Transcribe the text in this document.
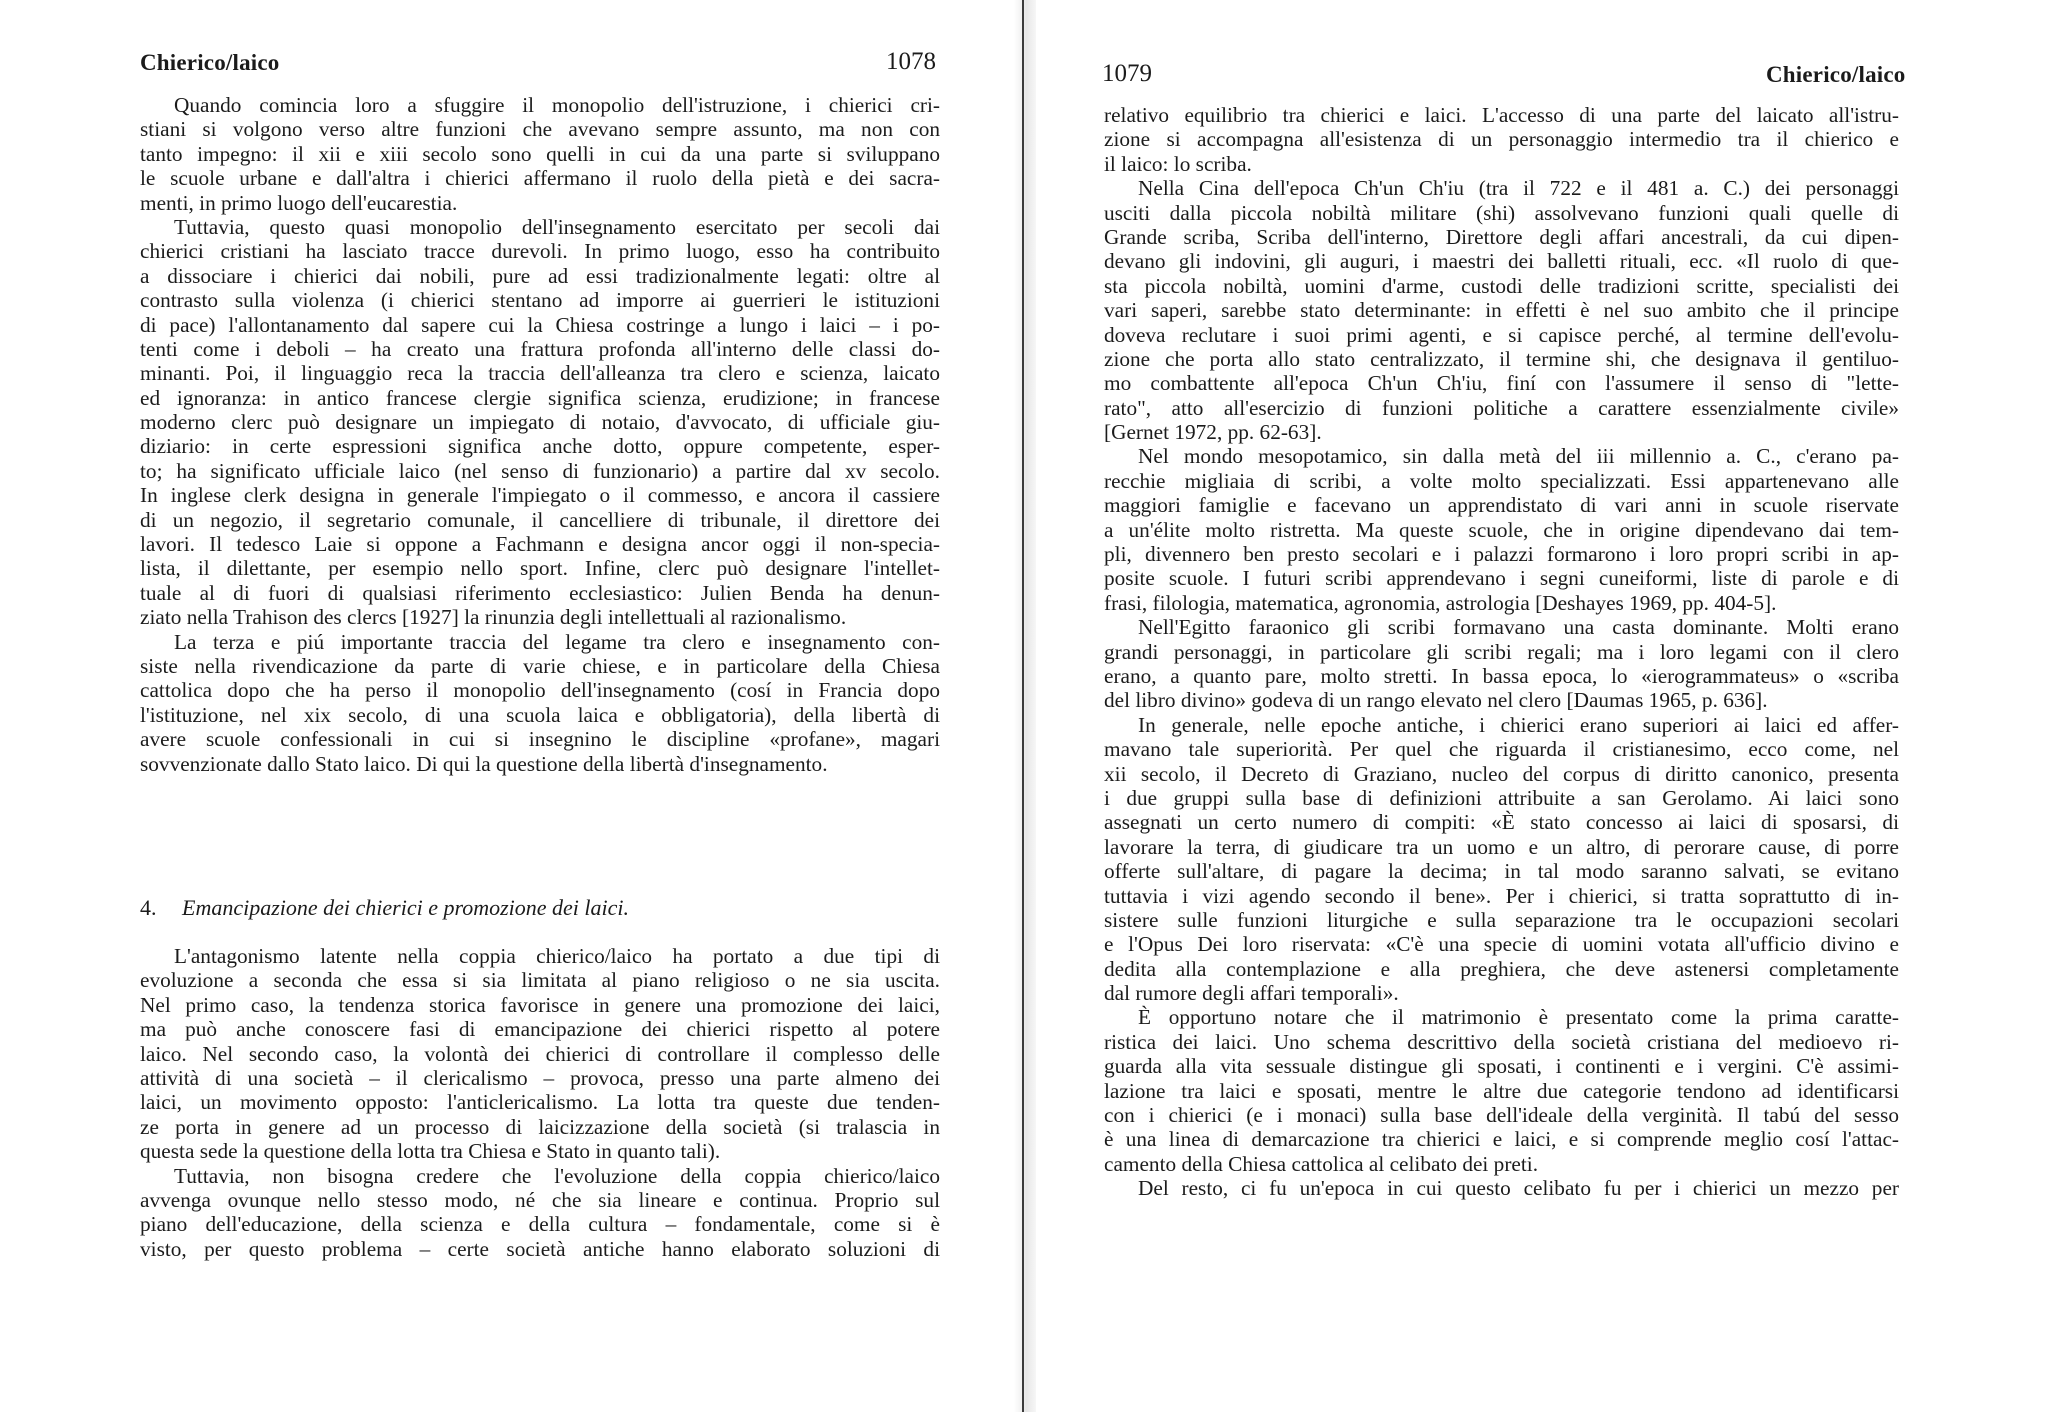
Chierico/laico	1078
Quando comincia loro a sfuggire il monopolio dell'istruzione, i chierici cri-
stiani si volgono verso altre funzioni che avevano sempre assunto, ma non con
tanto impegno: il xii e xiii secolo sono quelli in cui da una parte si sviluppano
le scuole urbane e dall'altra i chierici affermano il ruolo della pietà e dei sacra-
menti, in primo luogo dell'eucarestia.
Tuttavia, questo quasi monopolio dell'insegnamento esercitato per secoli dai
chierici cristiani ha lasciato tracce durevoli. In primo luogo, esso ha contribuito
a dissociare i chierici dai nobili, pure ad essi tradizionalmente legati: oltre al
contrasto sulla violenza (i chierici stentano ad imporre ai guerrieri le istituzioni
di pace) l'allontanamento dal sapere cui la Chiesa costringe a lungo i laici – i po-
tenti come i deboli – ha creato una frattura profonda all'interno delle classi do-
minanti. Poi, il linguaggio reca la traccia dell'alleanza tra clero e scienza, laicato
ed ignoranza: in antico francese clergie significa scienza, erudizione; in francese
moderno clerc può designare un impiegato di notaio, d'avvocato, di ufficiale giu-
diziario: in certe espressioni significa anche dotto, oppure competente, esper-
to; ha significato ufficiale laico (nel senso di funzionario) a partire dal xv secolo.
In inglese clerk designa in generale l'impiegato o il commesso, e ancora il cassiere
di un negozio, il segretario comunale, il cancelliere di tribunale, il direttore dei
lavori. Il tedesco Laie si oppone a Fachmann e designa ancor oggi il non-specia-
lista, il dilettante, per esempio nello sport. Infine, clerc può designare l'intellet-
tuale al di fuori di qualsiasi riferimento ecclesiastico: Julien Benda ha denun-
ziato nella Trahison des clercs [1927] la rinunzia degli intellettuali al razionalismo.
La terza e piú importante traccia del legame tra clero e insegnamento con-
siste nella rivendicazione da parte di varie chiese, e in particolare della Chiesa
cattolica dopo che ha perso il monopolio dell'insegnamento (cosí in Francia dopo
l'istituzione, nel xix secolo, di una scuola laica e obbligatoria), della libertà di
avere scuole confessionali in cui si insegnino le discipline «profane», magari
sovvenzionate dallo Stato laico. Di qui la questione della libertà d'insegnamento.
4. Emancipazione dei chierici e promozione dei laici.
L'antagonismo latente nella coppia chierico/laico ha portato a due tipi di
evoluzione a seconda che essa si sia limitata al piano religioso o ne sia uscita.
Nel primo caso, la tendenza storica favorisce in genere una promozione dei laici,
ma può anche conoscere fasi di emancipazione dei chierici rispetto al potere
laico. Nel secondo caso, la volontà dei chierici di controllare il complesso delle
attività di una società – il clericalismo – provoca, presso una parte almeno dei
laici, un movimento opposto: l'anticlericalismo. La lotta tra queste due tenden-
ze porta in genere ad un processo di laicizzazione della società (si tralascia in
questa sede la questione della lotta tra Chiesa e Stato in quanto tali).
Tuttavia, non bisogna credere che l'evoluzione della coppia chierico/laico
avvenga ovunque nello stesso modo, né che sia lineare e continua. Proprio sul
piano dell'educazione, della scienza e della cultura – fondamentale, come si è
visto, per questo problema – certe società antiche hanno elaborato soluzioni di
1079	Chierico/laico
relativo equilibrio tra chierici e laici. L'accesso di una parte del laicato all'istru-
zione si accompagna all'esistenza di un personaggio intermedio tra il chierico e
il laico: lo scriba.
Nella Cina dell'epoca Ch'un Ch'iu (tra il 722 e il 481 a. C.) dei personaggi
usciti dalla piccola nobiltà militare (shi) assolvevano funzioni quali quelle di
Grande scriba, Scriba dell'interno, Direttore degli affari ancestrali, da cui dipen-
devano gli indovini, gli auguri, i maestri dei balletti rituali, ecc. «Il ruolo di que-
sta piccola nobiltà, uomini d'arme, custodi delle tradizioni scritte, specialisti dei
vari saperi, sarebbe stato determinante: in effetti è nel suo ambito che il principe
doveva reclutare i suoi primi agenti, e si capisce perché, al termine dell'evolu-
zione che porta allo stato centralizzato, il termine shi, che designava il gentiluo-
mo combattente all'epoca Ch'un Ch'iu, finí con l'assumere il senso di "lette-
rato", atto all'esercizio di funzioni politiche a carattere essenzialmente civile»
[Gernet 1972, pp. 62-63].
Nel mondo mesopotamico, sin dalla metà del iii millennio a. C., c'erano pa-
recchie migliaia di scribi, a volte molto specializzati. Essi appartenevano alle
maggiori famiglie e facevano un apprendistato di vari anni in scuole riservate
a un'élite molto ristretta. Ma queste scuole, che in origine dipendevano dai tem-
pli, divennero ben presto secolari e i palazzi formarono i loro propri scribi in ap-
posite scuole. I futuri scribi apprendevano i segni cuneiformi, liste di parole e di
frasi, filologia, matematica, agronomia, astrologia [Deshayes 1969, pp. 404-5].
Nell'Egitto faraonico gli scribi formavano una casta dominante. Molti erano
grandi personaggi, in particolare gli scribi regali; ma i loro legami con il clero
erano, a quanto pare, molto stretti. In bassa epoca, lo «ierogrammateus» o «scriba
del libro divino» godeva di un rango elevato nel clero [Daumas 1965, p. 636].
In generale, nelle epoche antiche, i chierici erano superiori ai laici ed affer-
mavano tale superiorità. Per quel che riguarda il cristianesimo, ecco come, nel
xii secolo, il Decreto di Graziano, nucleo del corpus di diritto canonico, presenta
i due gruppi sulla base di definizioni attribuite a san Gerolamo. Ai laici sono
assegnati un certo numero di compiti: «È stato concesso ai laici di sposarsi, di
lavorare la terra, di giudicare tra un uomo e un altro, di perorare cause, di porre
offerte sull'altare, di pagare la decima; in tal modo saranno salvati, se evitano
tuttavia i vizi agendo secondo il bene». Per i chierici, si tratta soprattutto di in-
sistere sulle funzioni liturgiche e sulla separazione tra le occupazioni secolari
e l'Opus Dei loro riservata: «C'è una specie di uomini votata all'ufficio divino e
dedita alla contemplazione e alla preghiera, che deve astenersi completamente
dal rumore degli affari temporali».
È opportuno notare che il matrimonio è presentato come la prima caratte-
ristica dei laici. Uno schema descrittivo della società cristiana del medioevo ri-
guarda alla vita sessuale distingue gli sposati, i continenti e i vergini. C'è assimi-
lazione tra laici e sposati, mentre le altre due categorie tendono ad identificarsi
con i chierici (e i monaci) sulla base dell'ideale della verginità. Il tabú del sesso
è una linea di demarcazione tra chierici e laici, e si comprende meglio cosí l'attac-
camento della Chiesa cattolica al celibato dei preti.
Del resto, ci fu un'epoca in cui questo celibato fu per i chierici un mezzo per
